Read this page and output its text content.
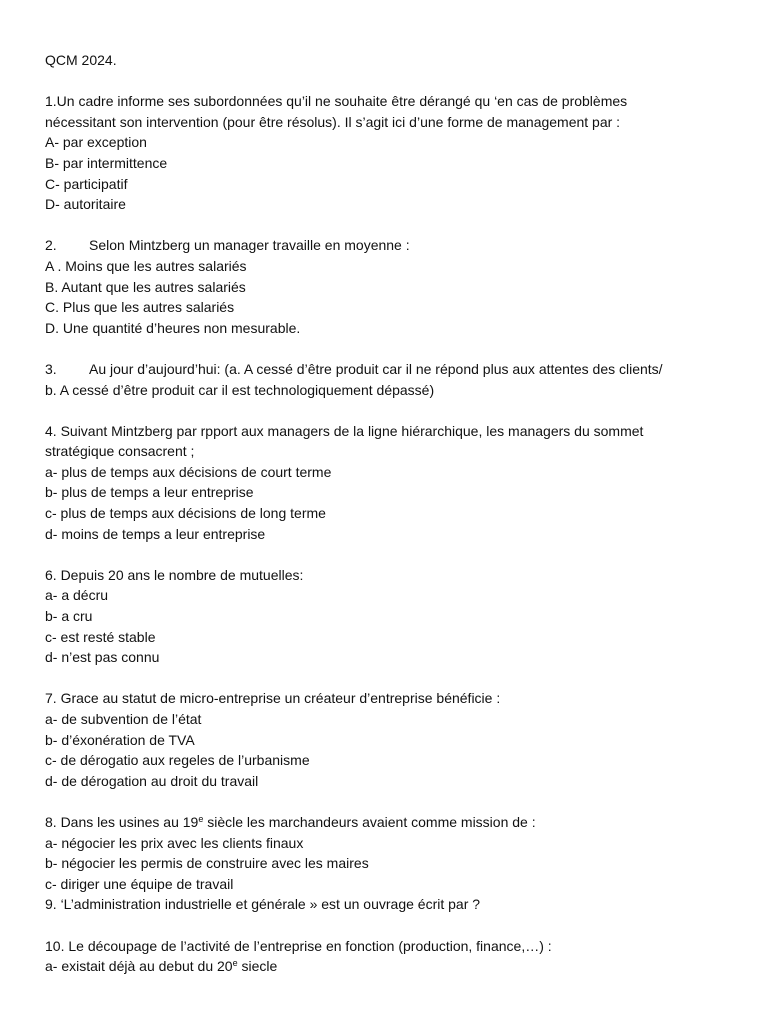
QCM 2024.
1.Un cadre informe ses subordonnées qu’il ne souhaite être dérangé qu ‘en cas de problèmes
nécessitant son intervention (pour être résolus). Il s’agit ici d’une forme de management par :
A- par exception
B- par intermittence
C- participatif
D- autoritaire
2. Selon Mintzberg un manager travaille en moyenne :
A . Moins que les autres salariés
B. Autant que les autres salariés
C. Plus que les autres salariés
D. Une quantité d’heures non mesurable.
3. Au jour d’aujourd’hui: (a. A cessé d’être produit car il ne répond plus aux attentes des clients/
b. A cessé d’être produit car il est technologiquement dépassé)
4. Suivant Mintzberg par rpport aux managers de la ligne hiérarchique, les managers du sommet
stratégique consacrent ;
a- plus de temps aux décisions de court terme
b- plus de temps a leur entreprise
c- plus de temps aux décisions de long terme
d- moins de temps a leur entreprise
6. Depuis 20 ans le nombre de mutuelles:
a- a décru
b- a cru
c- est resté stable
d- n’est pas connu
7. Grace au statut de micro-entreprise un créateur d’entreprise bénéficie :
a- de subvention de l’état
b- d’éxonération de TVA
c- de dérogatio aux regeles de l’urbanisme
d- de dérogation au droit du travail
8. Dans les usines au 19e siècle les marchandeurs avaient comme mission de :
a- négocier les prix avec les clients finaux
b- négocier les permis de construire avec les maires
c- diriger une équipe de travail
9. ‘L’administration industrielle et générale » est un ouvrage écrit par ?
10. Le découpage de l’activité de l’entreprise en fonction (production, finance,…) :
a- existait déjà au debut du 20e siecle
